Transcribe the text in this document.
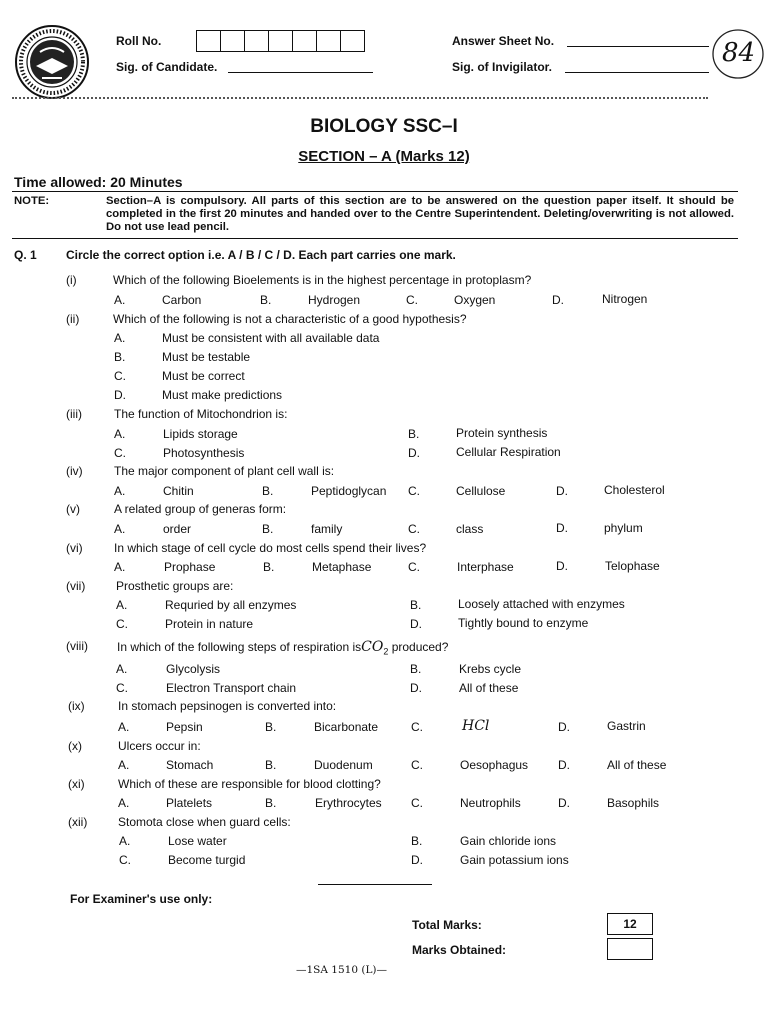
Roll No.
Sig. of Candidate.
Answer Sheet No.
Sig. of Invigilator.	84
BIOLOGY SSC–I
SECTION – A (Marks 12)
Time allowed: 20 Minutes
NOTE:	Section–A is compulsory. All parts of this section are to be answered on the question paper itself. It should be completed in the first 20 minutes and handed over to the Centre Superintendent. Deleting/overwriting is not allowed. Do not use lead pencil.
Q. 1 Circle the correct option i.e. A / B / C / D. Each part carries one mark.
(i)	Which of the following Bioelements is in the highest percentage in protoplasm?
A.	Carbon	B.	Hydrogen	C.	Oxygen	D.	Nitrogen
(ii)	Which of the following is not a characteristic of a good hypothesis?
A.	Must be consistent with all available data
B.	Must be testable
C.	Must be correct
D.	Must make predictions
(iii)	The function of Mitochondrion is:
A.	Lipids storage	B.	Protein synthesis
C.	Photosynthesis	D.	Cellular Respiration
(iv)	The major component of plant cell wall is:
A.	Chitin	B.	Peptidoglycan C.	Cellulose	D.	Cholesterol
(v)	A related group of generas form:
A.	order	B.	family	C.	class	D.	phylum
(vi)	In which stage of cell cycle do most cells spend their lives?
A.	Prophase	B.	Metaphase	C.	Interphase	D.	Telophase
(vii)	Prosthetic groups are:
A.	Requried by all enzymes	B.	Loosely attached with enzymes
C.	Protein in nature	D.	Tightly bound to enzyme
(viii) In which of the following steps of respiration isCO$_2$ produced?
A.	Glycolysis	B.	Krebs cycle
C.	Electron Transport chain	D.	All of these
(ix)	In stomach pepsinogen is converted into:
A.	Pepsin	B.	Bicarbonate	C.	HCl	D.	Gastrin
(x)	Ulcers occur in:
A.	Stomach	B.	Duodenum	C.	Oesophagus D.	All of these
(xi)	Which of these are responsible for blood clotting?
A.	Platelets	B.	Erythrocytes C.	Neutrophils	D.	Basophils
(xii)	Stomota close when guard cells:
A.	Lose water	B.	Gain chloride ions
C.	Become turgid	D.	Gain potassium ions
For Examiner's use only:
Total Marks:	12
Marks Obtained:
—1SA 1510 (L)—
